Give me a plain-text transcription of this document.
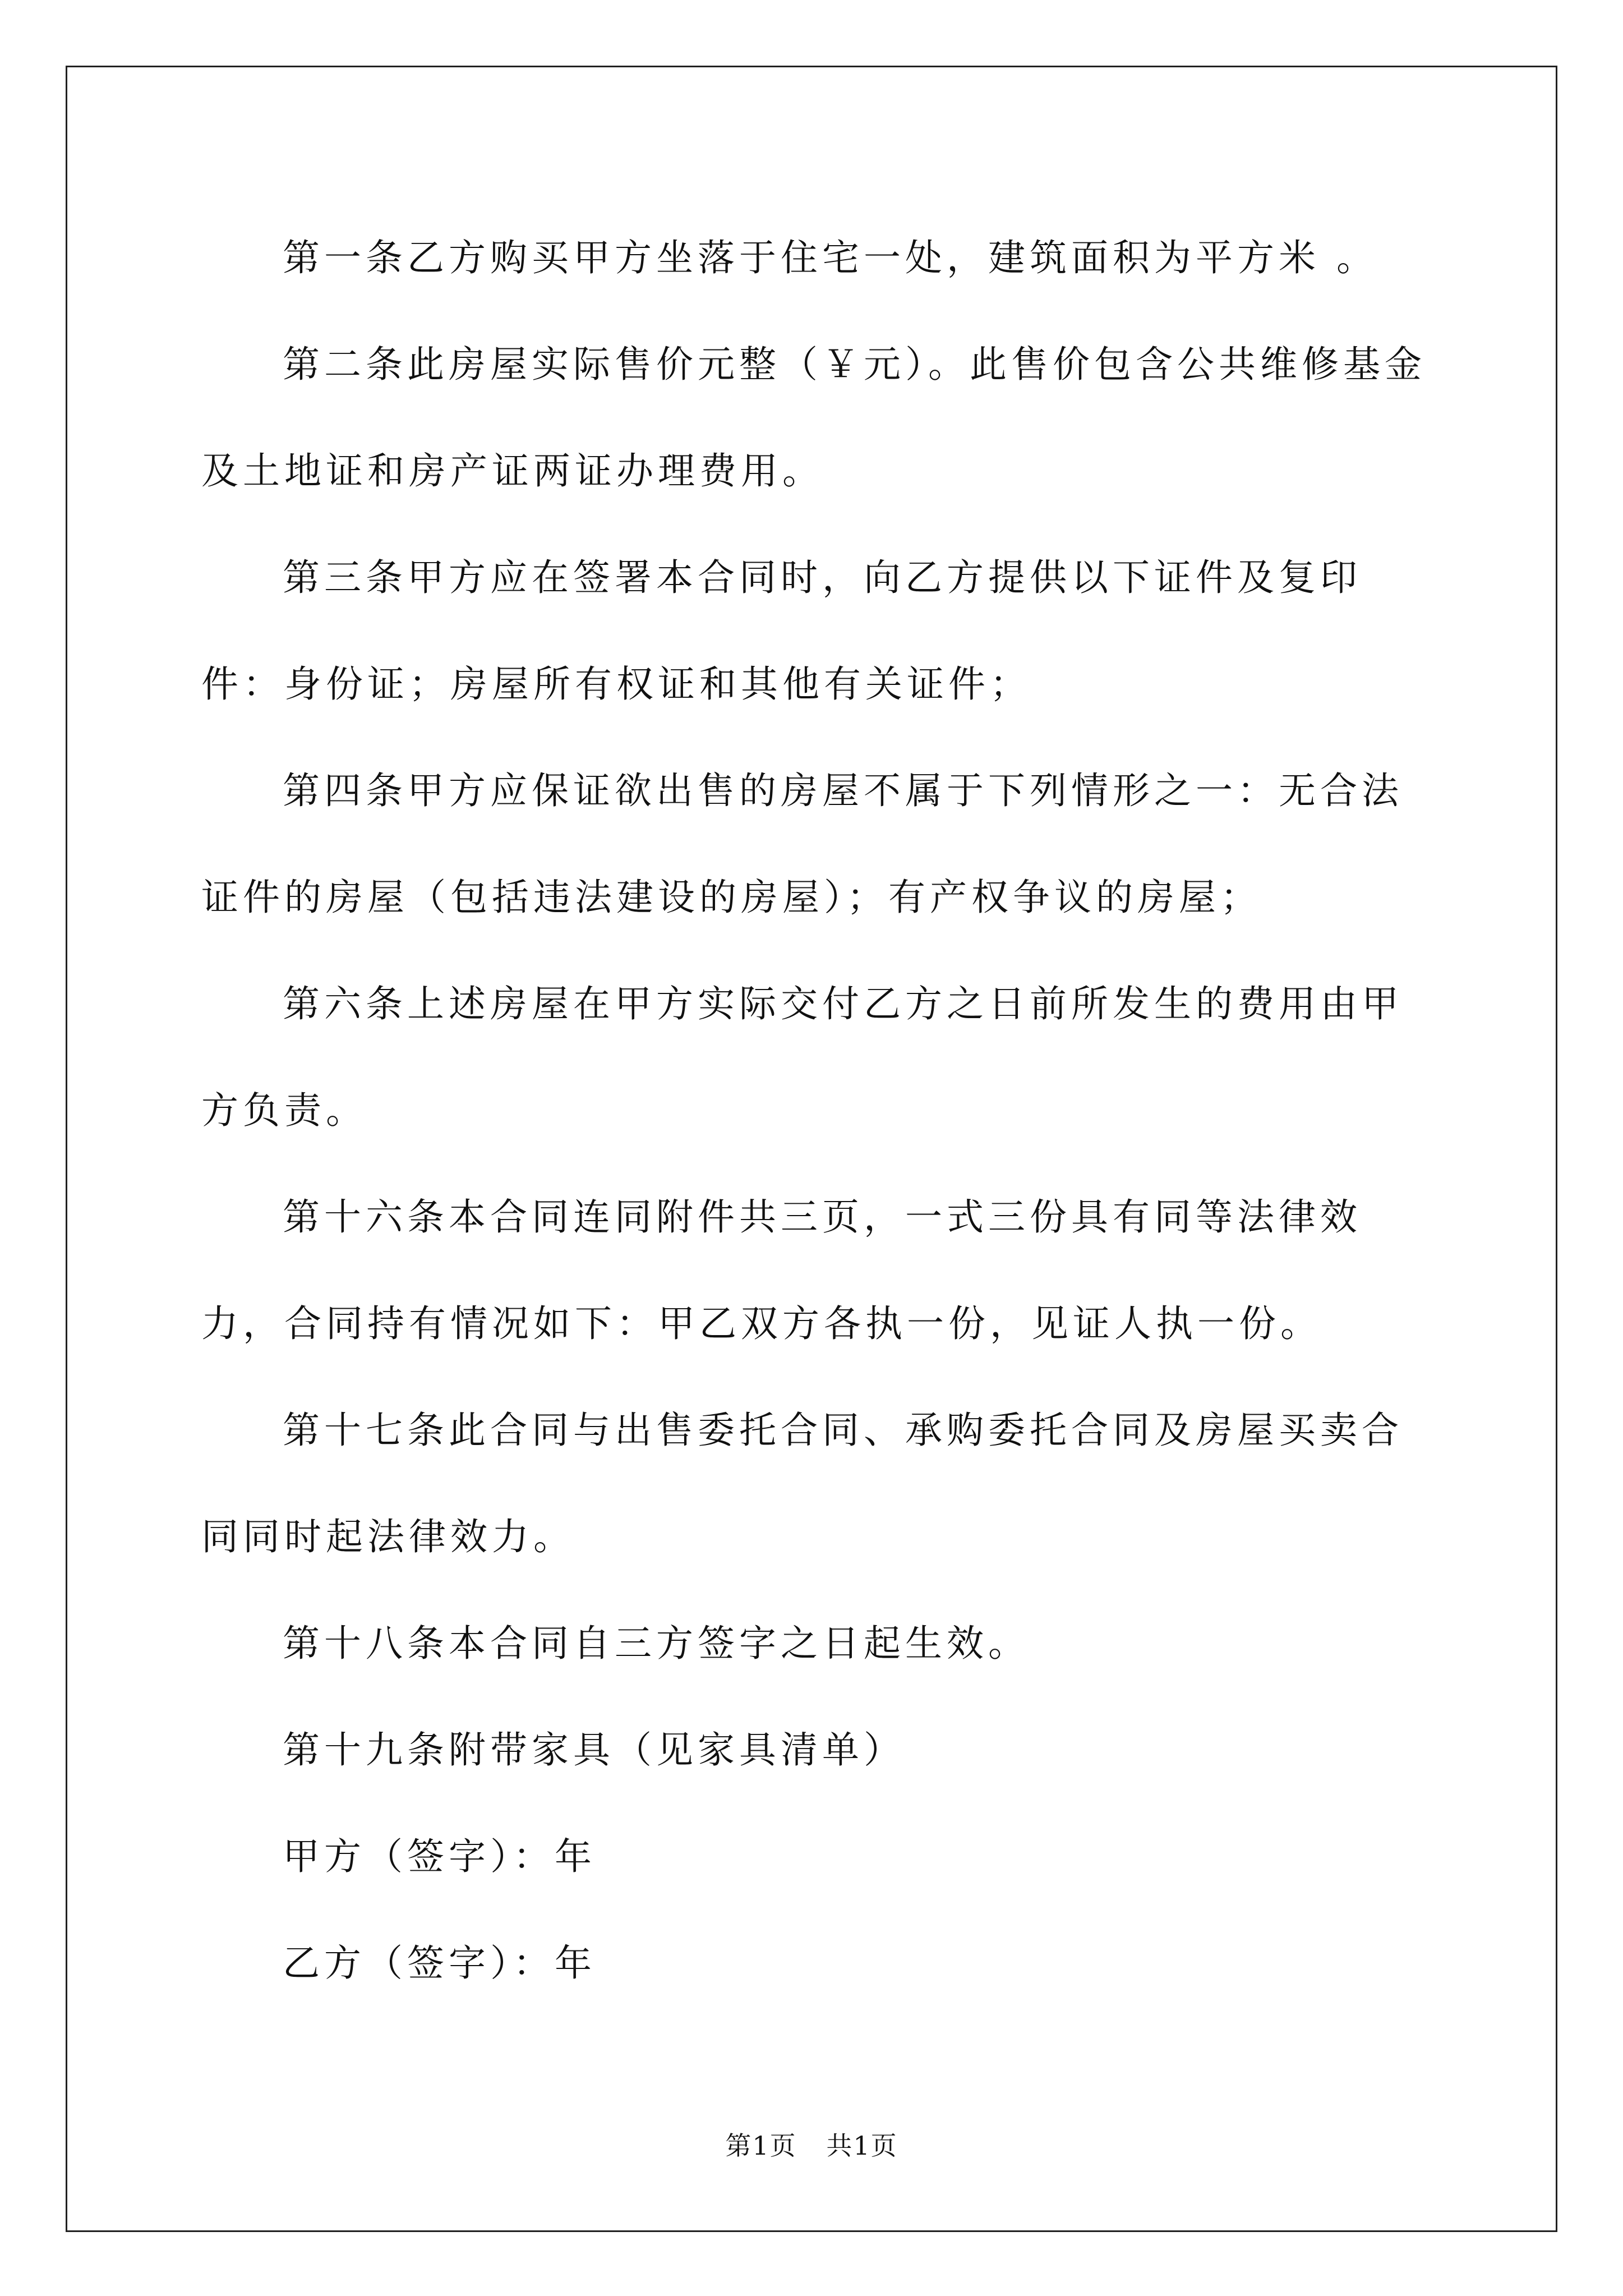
第一条乙方购买甲方坐落于住宅一处，建筑面积为平方米 。

第二条此房屋实际售价元整（￥元）。此售价包含公共维修基金及土地证和房产证两证办理费用。

第三条甲方应在签署本合同时，向乙方提供以下证件及复印件：身份证；房屋所有权证和其他有关证件；

第四条甲方应保证欲出售的房屋不属于下列情形之一：无合法证件的房屋（包括违法建设的房屋）；有产权争议的房屋；

第六条上述房屋在甲方实际交付乙方之日前所发生的费用由甲方负责。

第十六条本合同连同附件共三页，一式三份具有同等法律效力，合同持有情况如下：甲乙双方各执一份，见证人执一份。

第十七条此合同与出售委托合同、承购委托合同及房屋买卖合同同时起法律效力。

第十八条本合同自三方签字之日起生效。

第十九条附带家具（见家具清单）

甲方（签字）：年

乙方（签字）：年

第1页 共1页
